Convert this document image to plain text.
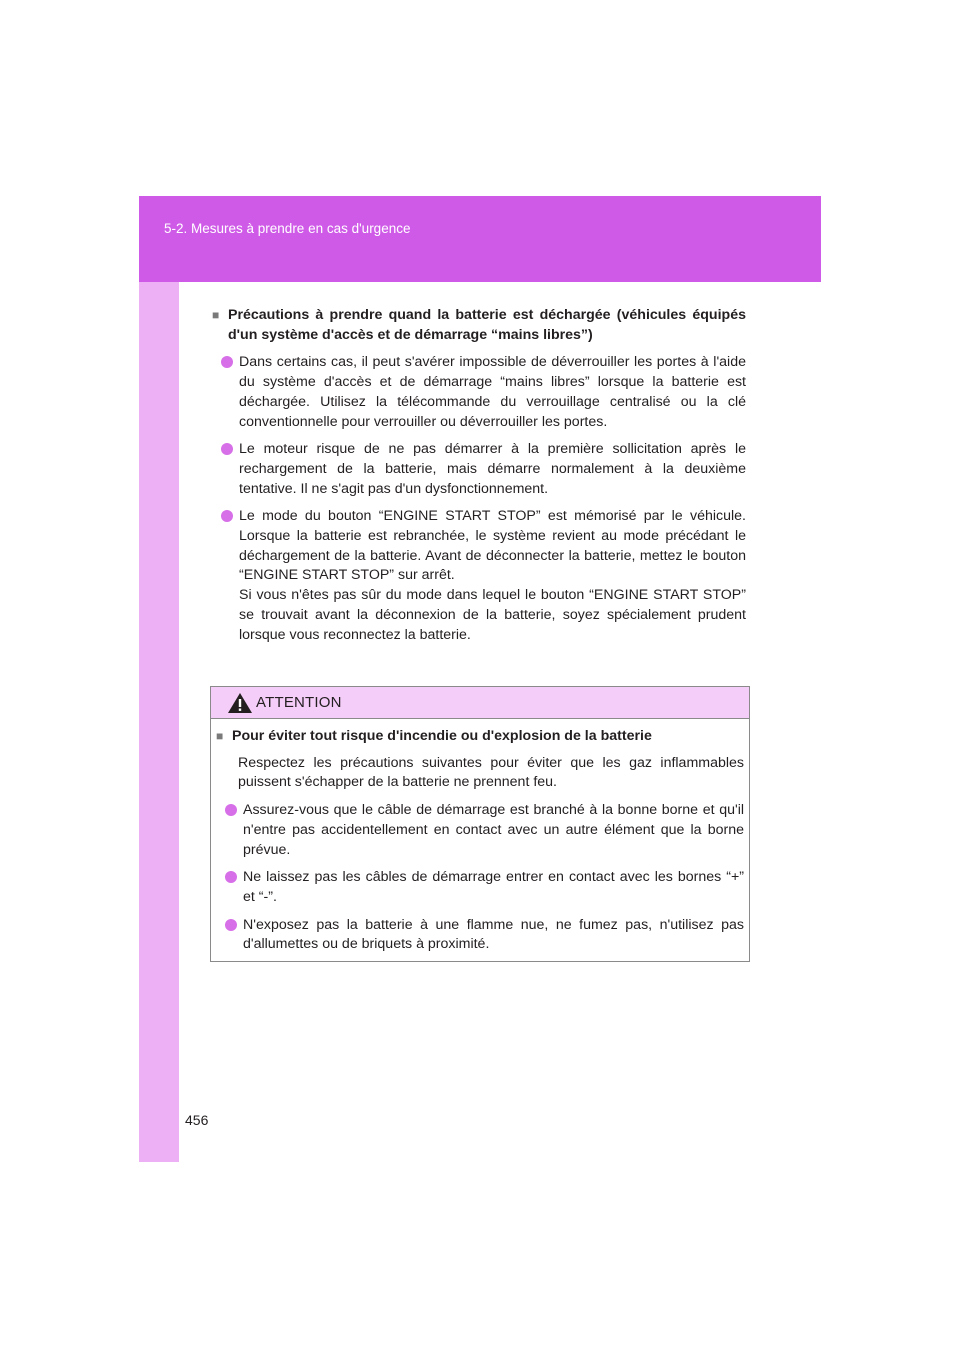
5-2. Mesures à prendre en cas d'urgence
■ Précautions à prendre quand la batterie est déchargée (véhicules équipés d'un système d'accès et de démarrage “mains libres”)
Dans certains cas, il peut s'avérer impossible de déverrouiller les portes à l'aide du système d'accès et de démarrage “mains libres” lorsque la batterie est déchargée. Utilisez la télécommande du verrouillage centralisé ou la clé conventionnelle pour verrouiller ou déverrouiller les portes.
Le moteur risque de ne pas démarrer à la première sollicitation après le rechargement de la batterie, mais démarre normalement à la deuxième tentative. Il ne s'agit pas d'un dysfonctionnement.
Le mode du bouton “ENGINE START STOP” est mémorisé par le véhicule. Lorsque la batterie est rebranchée, le système revient au mode précédant le déchargement de la batterie. Avant de déconnecter la batterie, mettez le bouton “ENGINE START STOP” sur arrêt.
Si vous n'êtes pas sûr du mode dans lequel le bouton “ENGINE START STOP” se trouvait avant la déconnexion de la batterie, soyez spécialement prudent lorsque vous reconnectez la batterie.
ATTENTION
■ Pour éviter tout risque d'incendie ou d'explosion de la batterie
Respectez les précautions suivantes pour éviter que les gaz inflammables puissent s'échapper de la batterie ne prennent feu.
Assurez-vous que le câble de démarrage est branché à la bonne borne et qu'il n'entre pas accidentellement en contact avec un autre élément que la borne prévue.
Ne laissez pas les câbles de démarrage entrer en contact avec les bornes “+” et “-”.
N'exposez pas la batterie à une flamme nue, ne fumez pas, n'utilisez pas d'allumettes ou de briquets à proximité.
456
